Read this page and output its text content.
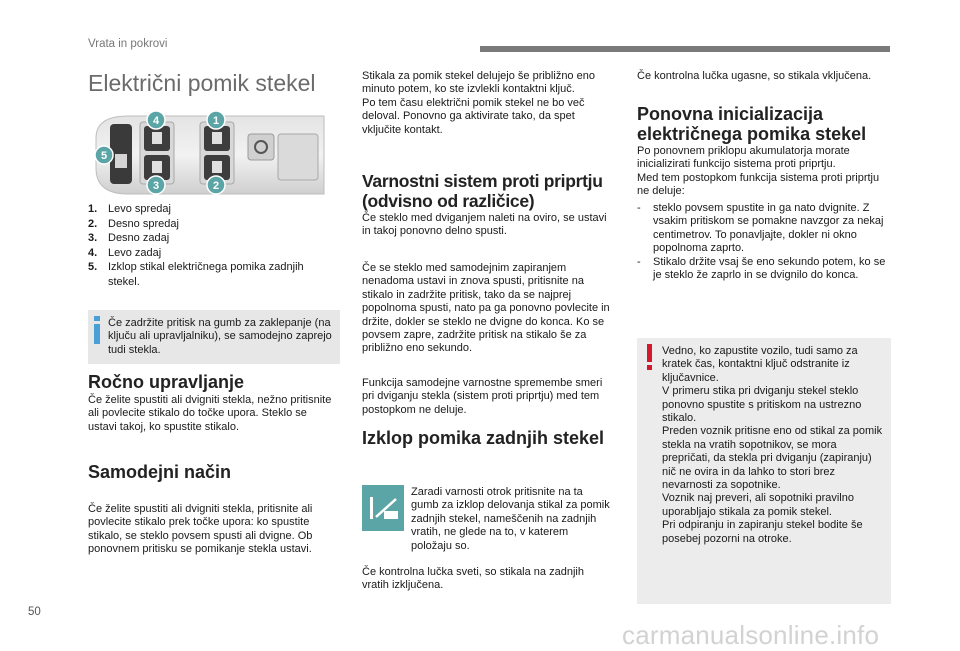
Vrata in pokrovi
Električni pomik stekel
4	1
5
3	2
1. Levo spredaj
2. Desno spredaj
3. Desno zadaj
4. Levo zadaj
5. Izklop stikal električnega pomika zadnjih stekel.

Če zadržite pritisk na gumb za zaklepanje (na ključu ali upravljalniku), se samodejno zaprejo tudi stekla.

Ročno upravljanje

Če želite spustiti ali dvigniti stekla, nežno pritisnite ali povlecite stikalo do točke upora. Steklo se ustavi takoj, ko spustite stikalo.

Samodejni način

Če želite spustiti ali dvigniti stekla, pritisnite ali povlecite stikalo prek točke upora: ko spustite stikalo, se steklo povsem spusti ali dvigne. Ob ponovnem pritisku se pomikanje stekla ustavi.

Stikala za pomik stekel delujejo še približno eno minuto potem, ko ste izvlekli kontaktni ključ.
Po tem času električni pomik stekel ne bo več deloval. Ponovno ga aktivirate tako, da spet vključite kontakt.

Varnostni sistem proti priprtju (odvisno od različice)

Če steklo med dviganjem naleti na oviro, se ustavi in takoj ponovno delno spusti.

Če se steklo med samodejnim zapiranjem nenadoma ustavi in znova spusti, pritisnite na stikalo in zadržite pritisk, tako da se najprej popolnoma spusti, nato pa ga ponovno povlecite in držite, dokler se steklo ne dvigne do konca. Ko se povsem zapre, zadržite pritisk na stikalo še za približno eno sekundo.

Funkcija samodejne varnostne spremembe smeri pri dviganju stekla (sistem proti priprtju) med tem postopkom ne deluje.

Izklop pomika zadnjih stekel

Zaradi varnosti otrok pritisnite na ta gumb za izklop delovanja stikal za pomik zadnjih stekel, nameščenih na zadnjih vratih, ne glede na to, v katerem položaju so.

Če kontrolna lučka sveti, so stikala na zadnjih vratih izključena.

Če kontrolna lučka ugasne, so stikala vključena.

Ponovna inicializacija električnega pomika stekel

Po ponovnem priklopu akumulatorja morate inicializirati funkcijo sistema proti priprtju.
Med tem postopkom funkcija sistema proti priprtju ne deluje:

- steklo povsem spustite in ga nato dvignite. Z vsakim pritiskom se pomakne navzgor za nekaj centimetrov. To ponavljajte, dokler ni okno popolnoma zaprto.
- Stikalo držite vsaj še eno sekundo potem, ko se je steklo že zaprlo in se dvignilo do konca.

Vedno, ko zapustite vozilo, tudi samo za kratek čas, kontaktni ključ odstranite iz ključavnice.
V primeru stika pri dviganju stekel steklo ponovno spustite s pritiskom na ustrezno stikalo.
Preden voznik pritisne eno od stikal za pomik stekla na vratih sopotnikov, se mora prepričati, da stekla pri dviganju (zapiranju) nič ne ovira in da lahko to stori brez nevarnosti za sopotnike.
Voznik naj preveri, ali sopotniki pravilno uporabljajo stikala za pomik stekel.
Pri odpiranju in zapiranju stekel bodite še posebej pozorni na otroke.

50
carmanualsonline.info
